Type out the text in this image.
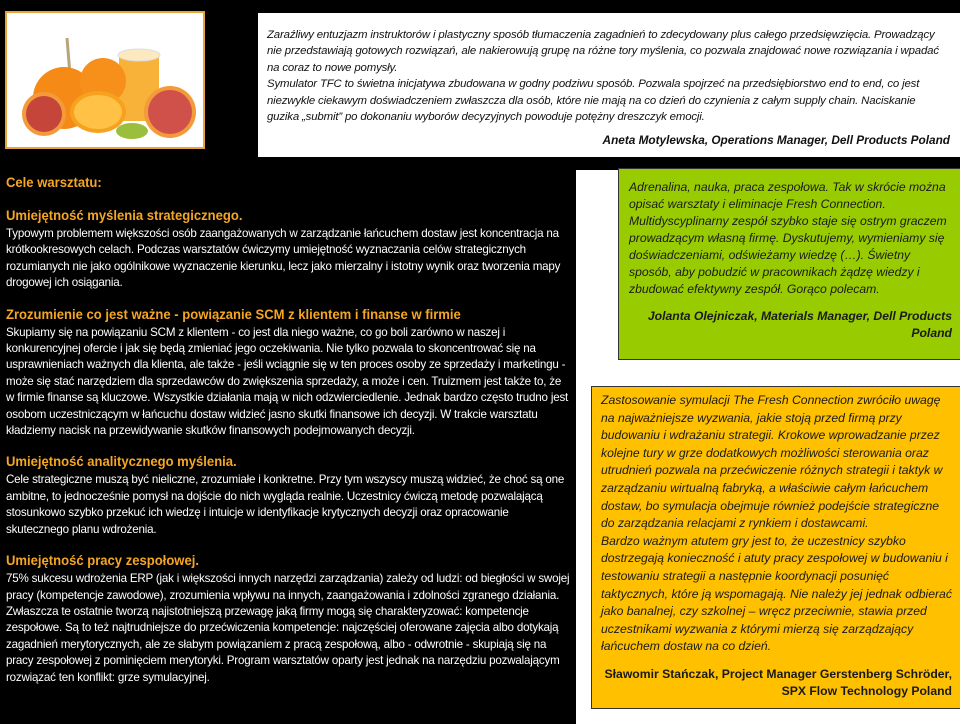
Zaraźliwy entuzjazm instruktorów i plastyczny sposób tłumaczenia zagadnień to zdecydowany plus całego przedsięwzięcia. Prowadzący nie przedstawiają gotowych rozwiązań, ale nakierowują grupę na różne tory myślenia, co pozwala znajdować nowe rozwiązania i wpadać na coraz to nowe pomysły.
Symulator TFC to świetna inicjatywa zbudowana w godny podziwu sposób. Pozwala spojrzeć na przedsiębiorstwo end to end, co jest niezwykle ciekawym doświadczeniem zwłaszcza dla osób, które nie mają na co dzień do czynienia z całym supply chain. Naciskanie guzika „submit” po dokonaniu wyborów decyzyjnych powoduje potężny dreszczyk emocji.
Aneta Motylewska, Operations Manager, Dell Products Poland
Adrenalina, nauka, praca zespołowa. Tak w skrócie można opisać warsztaty i eliminacje Fresh Connection. Multidyscyplinarny zespół szybko staje się ostrym graczem prowadzącym własną firmę. Dyskutujemy, wymieniamy się doświadczeniami, odświeżamy wiedzę (…). Świetny sposób, aby pobudzić w pracownikach żądzę wiedzy i zbudować efektywny zespół. Gorąco polecam.
Jolanta Olejniczak, Materials Manager, Dell Products Poland
Zastosowanie symulacji The Fresh Connection zwróciło uwagę na najważniejsze wyzwania, jakie stoją przed firmą przy budowaniu i wdrażaniu strategii. Krokowe wprowadzanie przez kolejne tury w grze dodatkowych możliwości sterowania oraz utrudnień pozwala na przećwiczenie różnych strategii i taktyk w zarządzaniu wirtualną fabryką, a właściwie całym łańcuchem dostaw, bo symulacja obejmuje również podejście strategiczne do zarządzania relacjami z rynkiem i dostawcami.
Bardzo ważnym atutem gry jest to, że uczestnicy szybko dostrzegają konieczność i atuty pracy zespołowej w budowaniu i testowaniu strategii a następnie koordynacji posunięć taktycznych, które ją wspomagają. Nie należy jej jednak odbierać jako banalnej, czy szkolnej – wręcz przeciwnie, stawia przed uczestnikami wyzwania z którymi mierzą się zarządzający łańcuchem dostaw na co dzień.
Sławomir Stańczak, Project Manager Gerstenberg Schröder,
SPX Flow Technology Poland
Cele warsztatu:
Umiejętność myślenia strategicznego.
Typowym problemem większości osób zaangażowanych w zarządzanie łańcuchem dostaw jest koncentracja na krótkookresowych celach. Podczas warsztatów ćwiczymy umiejętność wyznaczania celów strategicznych rozumianych nie jako ogólnikowe wyznaczenie kierunku, lecz jako mierzalny i istotny wynik oraz tworzenia mapy drogowej ich osiągania.
Zrozumienie co jest ważne - powiązanie SCM z klientem i finanse w firmie
Skupiamy się na powiązaniu SCM z klientem - co jest dla niego ważne, co go boli zarówno w naszej i konkurencyjnej ofercie i jak się będą zmieniać jego oczekiwania. Nie tylko pozwala to skoncentrować się na usprawnieniach ważnych dla klienta, ale także - jeśli wciągnie się w ten proces osoby ze sprzedaży i marketingu - może się stać narzędziem dla sprzedawców do zwiększenia sprzedaży, a może i cen. Truizmem jest także to, że w firmie finanse są kluczowe. Wszystkie działania mają w nich odzwierciedlenie. Jednak bardzo często trudno jest osobom uczestniczącym w łańcuchu dostaw widzieć jasno skutki finansowe ich decyzji. W trakcie warsztatu kładziemy nacisk na przewidywanie skutków finansowych podejmowanych decyzji.
Umiejętność analitycznego myślenia.
Cele strategiczne muszą być nieliczne, zrozumiałe i konkretne. Przy tym wszyscy muszą widzieć, że choć są one ambitne, to jednocześnie pomysł na dojście do nich wygląda realnie. Uczestnicy ćwiczą metodę pozwalającą stosunkowo szybko przekuć ich wiedzę i intuicje w identyfikacje krytycznych decyzji oraz opracowanie skutecznego planu wdrożenia.
Umiejętność pracy zespołowej.
75% sukcesu wdrożenia ERP (jak i większości innych narzędzi zarządzania) zależy od ludzi: od biegłości w swojej pracy (kompetencje zawodowe), zrozumienia wpływu na innych, zaangażowania i zdolności zgranego działania. Zwłaszcza te ostatnie tworzą najistotniejszą przewagę jaką firmy mogą się charakteryzować: kompetencje zespołowe. Są to też najtrudniejsze do przećwiczenia kompetencje: najczęściej oferowane zajęcia albo dotykają zagadnień merytorycznych, ale ze słabym powiązaniem z pracą zespołową, albo - odwrotnie - skupiają się na pracy zespołowej z pominięciem merytoryki. Program warsztatów oparty jest jednak na narzędziu pozwalającym rozwiązać ten konflikt: grze symulacyjnej.
